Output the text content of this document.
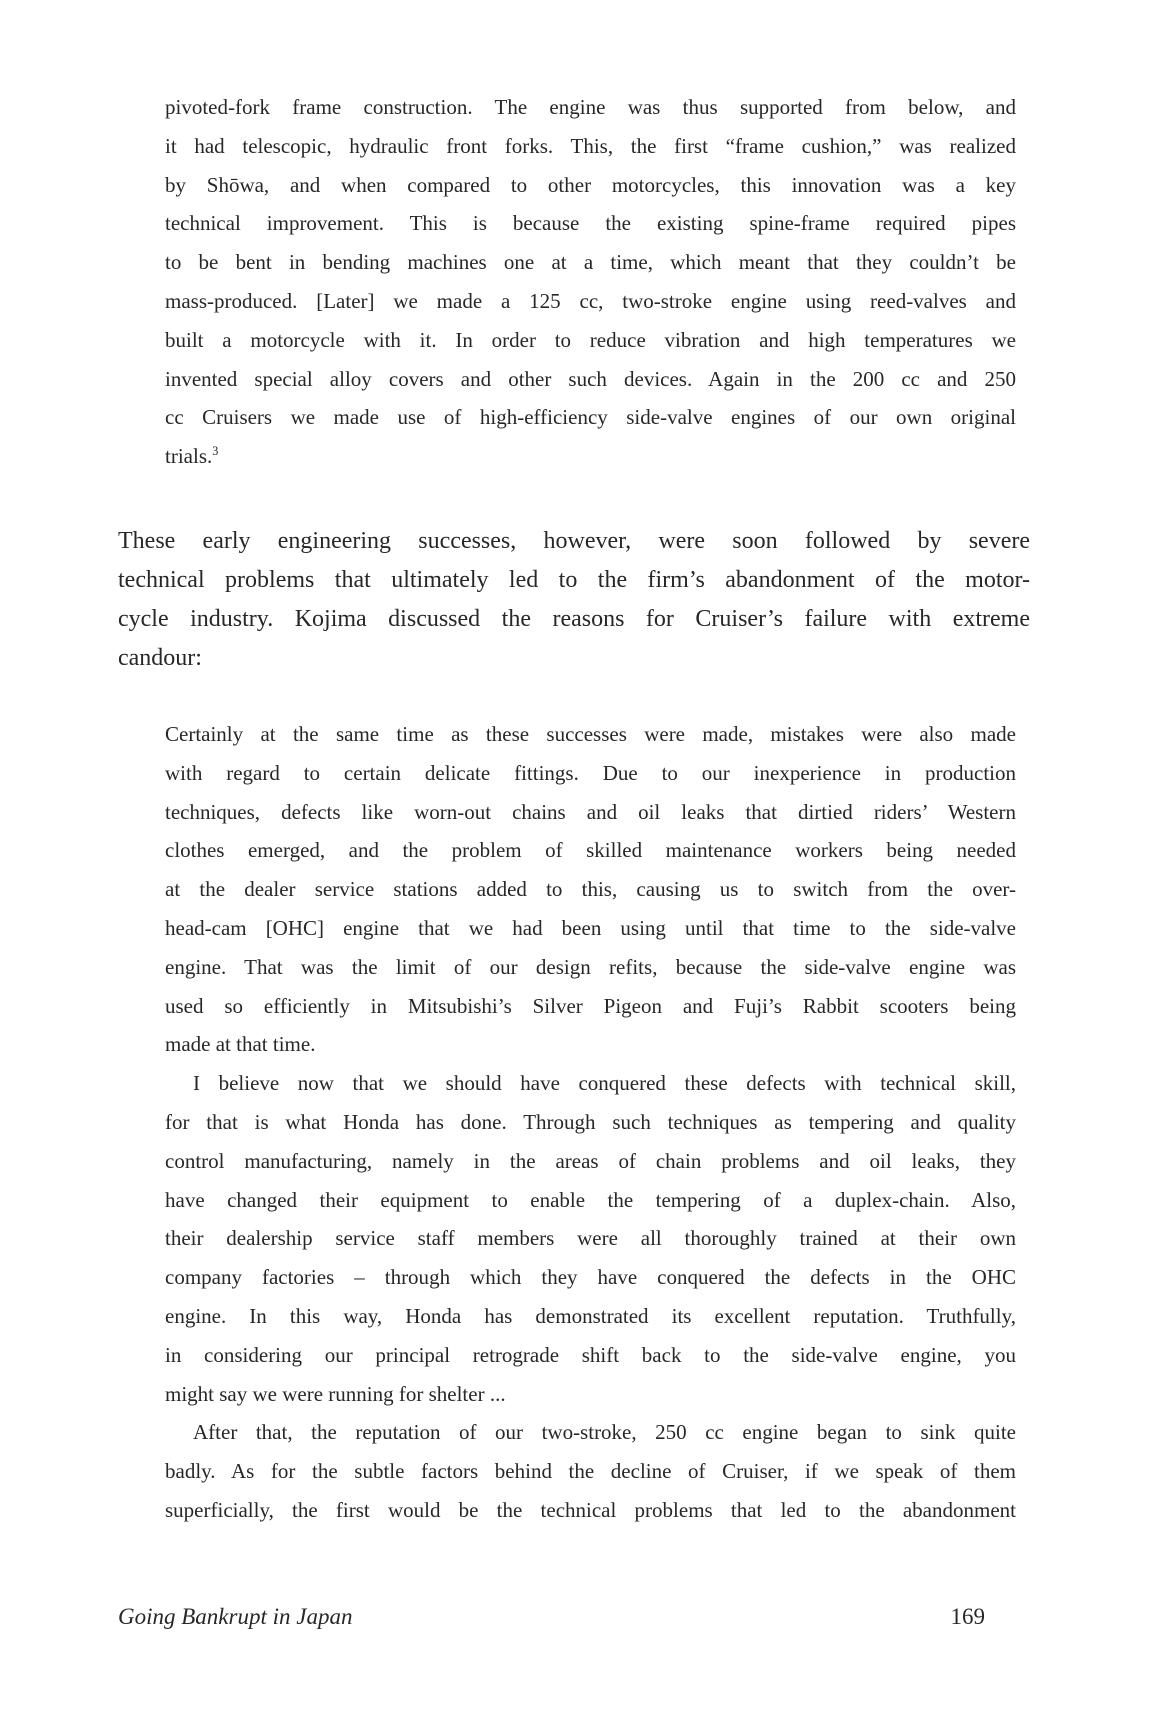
pivoted-fork frame construction. The engine was thus supported from below, and
it had telescopic, hydraulic front forks. This, the first “frame cushion,” was realized
by Shōwa, and when compared to other motorcycles, this innovation was a key
technical improvement. This is because the existing spine-frame required pipes
to be bent in bending machines one at a time, which meant that they couldn’t be
mass-produced. [Later] we made a 125 cc, two-stroke engine using reed-valves and
built a motorcycle with it. In order to reduce vibration and high temperatures we
invented special alloy covers and other such devices. Again in the 200 cc and 250
cc Cruisers we made use of high-efficiency side-valve engines of our own original
trials.$^3$
These early engineering successes, however, were soon followed by severe
technical problems that ultimately led to the firm’s abandonment of the motor-
cycle industry. Kojima discussed the reasons for Cruiser’s failure with extreme
candour:
Certainly at the same time as these successes were made, mistakes were also made
with regard to certain delicate fittings. Due to our inexperience in production
techniques, defects like worn-out chains and oil leaks that dirtied riders’ Western
clothes emerged, and the problem of skilled maintenance workers being needed
at the dealer service stations added to this, causing us to switch from the over-
head-cam [OHC] engine that we had been using until that time to the side-valve
engine. That was the limit of our design refits, because the side-valve engine was
used so efficiently in Mitsubishi’s Silver Pigeon and Fuji’s Rabbit scooters being
made at that time.
I believe now that we should have conquered these defects with technical skill,
for that is what Honda has done. Through such techniques as tempering and quality
control manufacturing, namely in the areas of chain problems and oil leaks, they
have changed their equipment to enable the tempering of a duplex-chain. Also,
their dealership service staff members were all thoroughly trained at their own
company factories – through which they have conquered the defects in the OHC
engine. In this way, Honda has demonstrated its excellent reputation. Truthfully,
in considering our principal retrograde shift back to the side-valve engine, you
might say we were running for shelter ...
After that, the reputation of our two-stroke, 250 cc engine began to sink quite
badly. As for the subtle factors behind the decline of Cruiser, if we speak of them
superficially, the first would be the technical problems that led to the abandonment
Going Bankrupt in Japan	169
